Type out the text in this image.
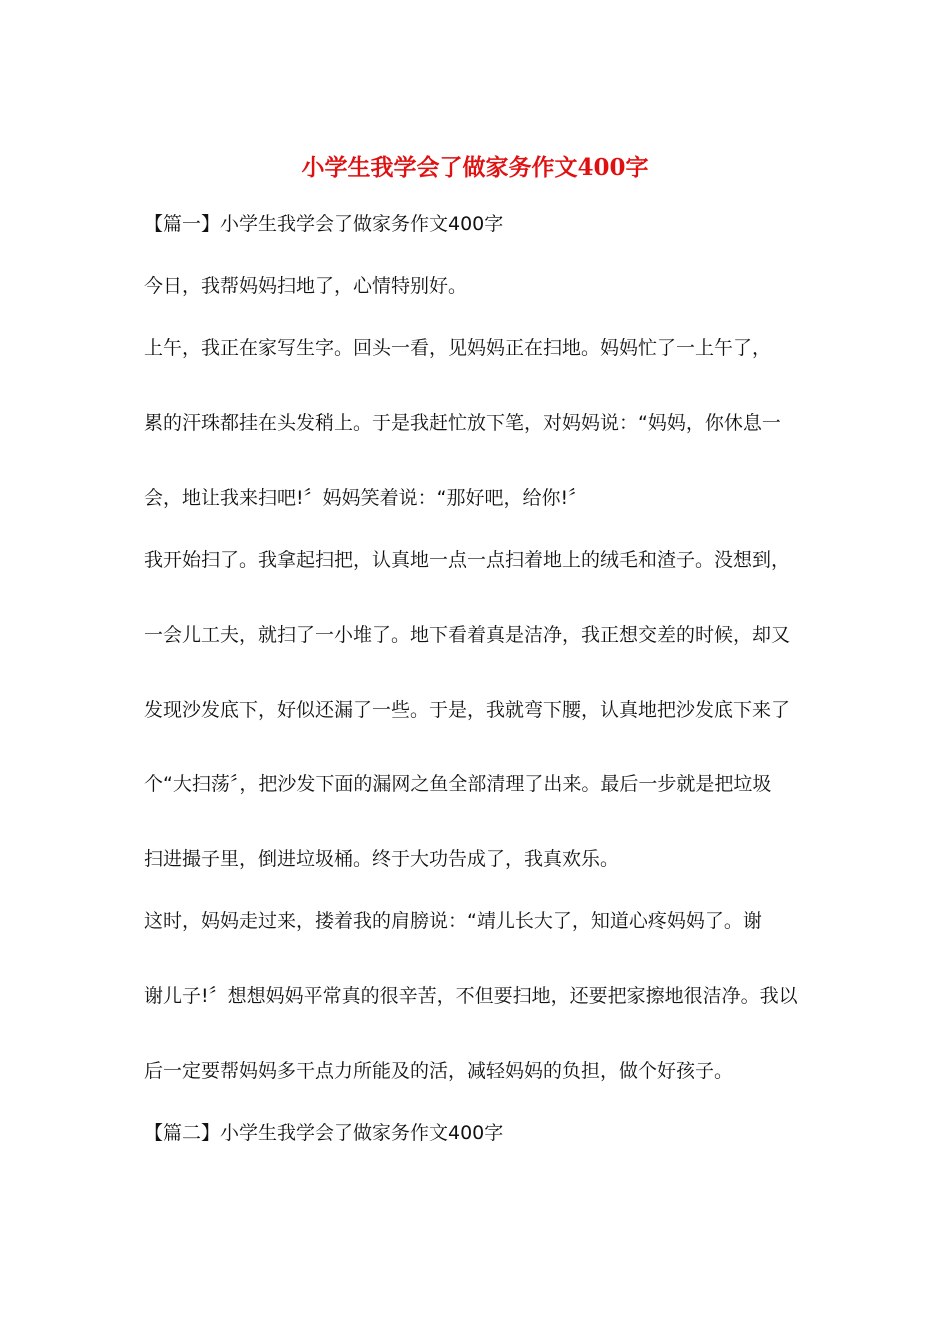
小学生我学会了做家务作文400字
【篇一】小学生我学会了做家务作文400字
今日，我帮妈妈扫地了，心情特别好。
上午，我正在家写生字。回头一看，见妈妈正在扫地。妈妈忙了一上午了，
累的汗珠都挂在头发稍上。于是我赶忙放下笔，对妈妈说：“妈妈，你休息一
会，地让我来扫吧!〞妈妈笑着说：“那好吧，给你!〞
我开始扫了。我拿起扫把，认真地一点一点扫着地上的绒毛和渣子。没想到，
一会儿工夫，就扫了一小堆了。地下看着真是洁净，我正想交差的时候，却又
发现沙发底下，好似还漏了一些。于是，我就弯下腰，认真地把沙发底下来了
个“大扫荡〞，把沙发下面的漏网之鱼全部清理了出来。最后一步就是把垃圾
扫进撮子里，倒进垃圾桶。终于大功告成了，我真欢乐。
这时，妈妈走过来，搂着我的肩膀说：“靖儿长大了，知道心疼妈妈了。谢
谢儿子!〞想想妈妈平常真的很辛苦，不但要扫地，还要把家擦地很洁净。我以
后一定要帮妈妈多干点力所能及的活，减轻妈妈的负担，做个好孩子。
【篇二】小学生我学会了做家务作文400字
